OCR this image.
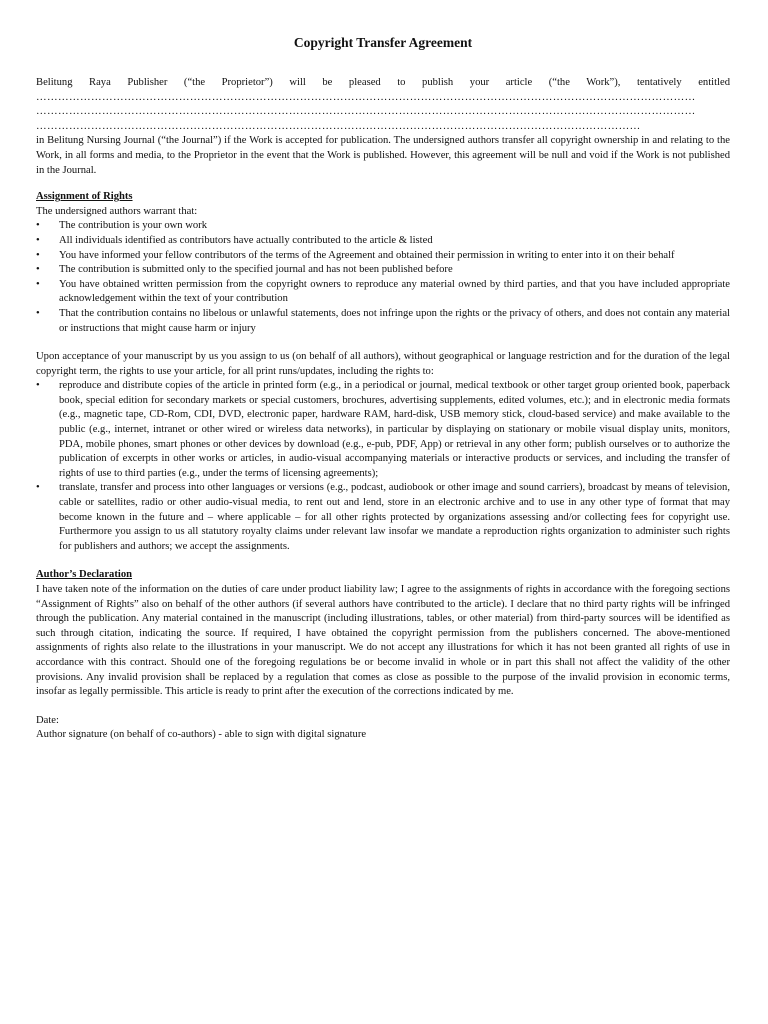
Copyright Transfer Agreement

Belitung Raya Publisher (“the Proprietor”) will be pleased to publish your article (“the Work”), tentatively entitled

………………………………………………………………………………………………………………………………………………………………
………………………………………………………………………………………………………………………………………………………………
…………………………………………………………………………………………………………………………………………………

in Belitung Nursing Journal (“the Journal”) if the Work is accepted for publication. The undersigned authors transfer all copyright ownership in and relating to the Work, in all forms and media, to the Proprietor in the event that the Work is published. However, this agreement will be null and void if the Work is not published in the Journal.

Assignment of Rights

The undersigned authors warrant that:

• The contribution is your own work
• All individuals identified as contributors have actually contributed to the article & listed
• You have informed your fellow contributors of the terms of the Agreement and obtained their permission in writing to enter into it on their behalf
• The contribution is submitted only to the specified journal and has not been published before
• You have obtained written permission from the copyright owners to reproduce any material owned by third parties, and that you have included appropriate acknowledgement within the text of your contribution
• That the contribution contains no libelous or unlawful statements, does not infringe upon the rights or the privacy of others, and does not contain any material or instructions that might cause harm or injury

Upon acceptance of your manuscript by us you assign to us (on behalf of all authors), without geographical or language restriction and for the duration of the legal copyright term, the rights to use your article, for all print runs/updates, including the rights to:

• reproduce and distribute copies of the article in printed form (e.g., in a periodical or journal, medical textbook or other target group oriented book, paperback book, special edition for secondary markets or special customers, brochures, advertising supplements, edited volumes, etc.); and in electronic media formats (e.g., magnetic tape, CD-Rom, CDI, DVD, electronic paper, hardware RAM, hard-disk, USB memory stick, cloud-based service) and make available to the public (e.g., internet, intranet or other wired or wireless data networks), in particular by displaying on stationary or mobile visual display units, monitors, PDA, mobile phones, smart phones or other devices by download (e.g., e-pub, PDF, App) or retrieval in any other form; publish ourselves or to authorize the publication of excerpts in other works or articles, in audio-visual accompanying materials or interactive products or services, and including the transfer of rights of use to third parties (e.g., under the terms of licensing agreements);
• translate, transfer and process into other languages or versions (e.g., podcast, audiobook or other image and sound carriers), broadcast by means of television, cable or satellites, radio or other audio-visual media, to rent out and lend, store in an electronic archive and to use in any other type of format that may become known in the future and – where applicable – for all other rights protected by organizations assessing and/or collecting fees for copyright use. Furthermore you assign to us all statutory royalty claims under relevant law insofar we mandate a reproduction rights organization to administer such rights for publishers and authors; we accept the assignments.
Author’s Declaration

I have taken note of the information on the duties of care under product liability law; I agree to the assignments of rights in accordance with the foregoing sections “Assignment of Rights” also on behalf of the other authors (if several authors have contributed to the article). I declare that no third party rights will be infringed through the publication. Any material contained in the manuscript (including illustrations, tables, or other material) from third-party sources will be identified as such through citation, indicating the source. If required, I have obtained the copyright permission from the publishers concerned. The above-mentioned assignments of rights also relate to the illustrations in your manuscript. We do not accept any illustrations for which it has not been granted all rights of use in accordance with this contract. Should one of the foregoing regulations be or become invalid in whole or in part this shall not affect the validity of the other provisions. Any invalid provision shall be replaced by a regulation that comes as close as possible to the purpose of the invalid provision in economic terms, insofar as legally permissible. This article is ready to print after the execution of the corrections indicated by me.

Date:

Author signature (on behalf of co-authors) - able to sign with digital signature
